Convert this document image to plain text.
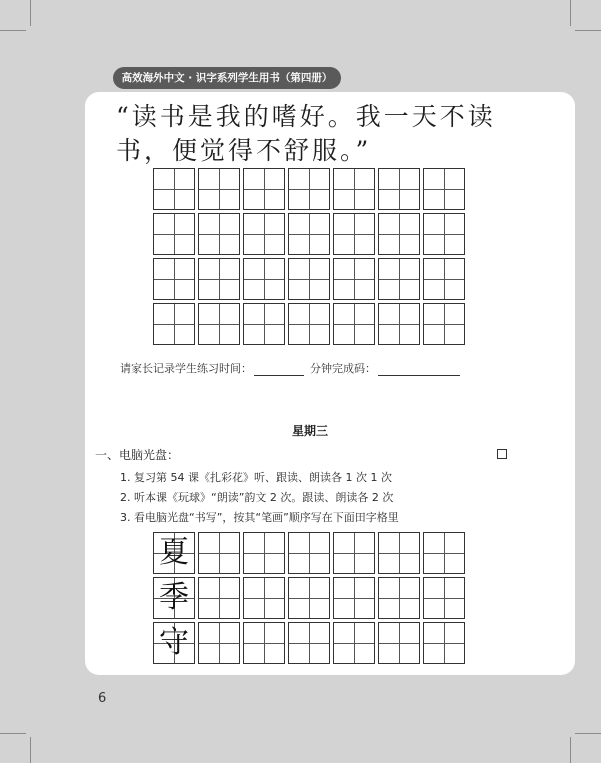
高效海外中文 · 识字系列学生用书（第四册）
“读书是我的嗜好。我一天不读
书，便觉得不舒服。”
请家长记录学生练习时间：	分钟完成码：
星期三
一、电脑光盘：
1. 复习第 54 课《扎彩花》听、跟读、朗读各 1 次 1 次
2. 听本课《玩球》“朗读”韵文 2 次。跟读、朗读各 2 次
3. 看电脑光盘“书写”，按其“笔画”顺序写在下面田字格里
夏
季
守
6
